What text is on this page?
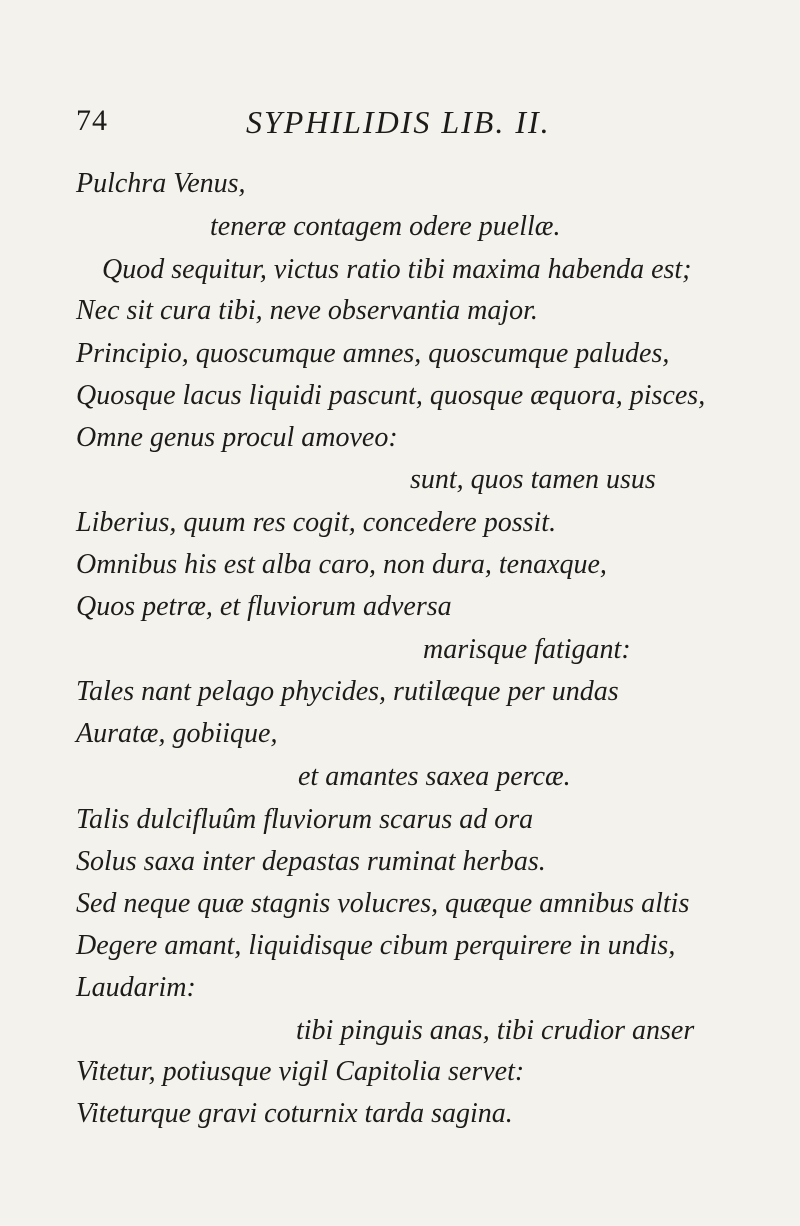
74	SYPHILIDIS LIB. II.
Pulchra Venus,
teneræ contagem odere puellæ.
Quod sequitur, victus ratio tibi maxima habenda est;
Nec sit cura tibi, neve observantia major.
Principio, quoscumque amnes, quoscumque paludes,
Quosque lacus liquidi pascunt, quosque æquora, pisces,
Omne genus procul amoveo:
sunt, quos tamen usus
Liberius, quum res cogit, concedere possit.
Omnibus his est alba caro, non dura, tenaxque,
Quos petræ, et fluviorum adversa
marisque fatigant:
Tales nant pelago phycides, rutilæque per undas
Auratæ, gobiique,
et amantes saxea percæ.
Talis dulcifluûm fluviorum scarus ad ora
Solus saxa inter depastas ruminat herbas.
Sed neque quæ stagnis volucres, quæque amnibus altis
Degere amant, liquidisque cibum perquirere in undis,
Laudarim:
tibi pinguis anas, tibi crudior anser
Vitetur, potiusque vigil Capitolia servet:
Viteturque gravi coturnix tarda sagina.
